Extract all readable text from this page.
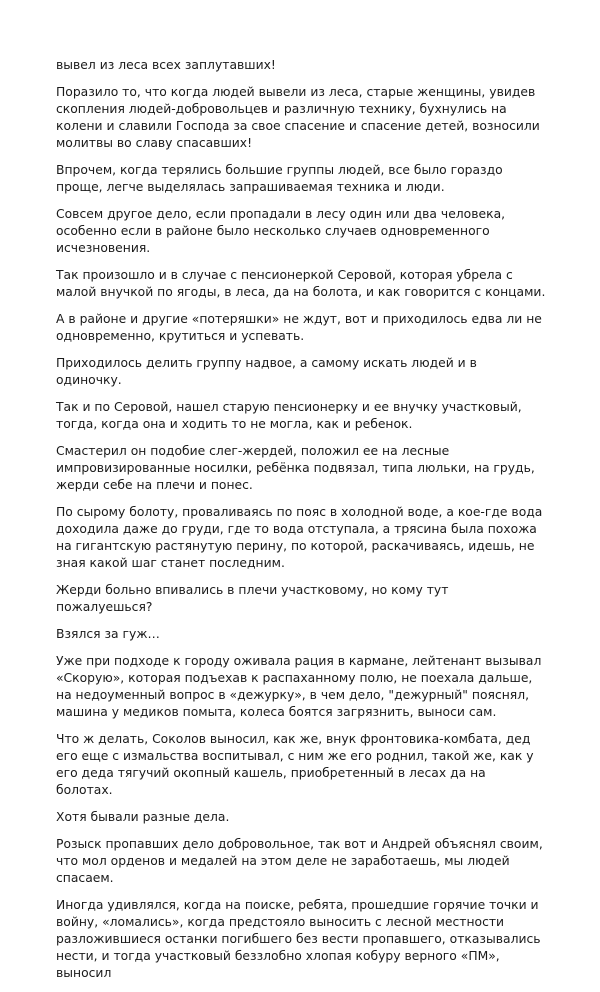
вывел из леса всех заплутавших!

Поразило то, что когда людей вывели из леса, старые женщины, увидев скопления людей-добровольцев и различную технику, бухнулись на колени и славили Господа за свое спасение и спасение детей, возносили молитвы во славу спасавших!

Впрочем, когда терялись большие группы людей, все было гораздо проще, легче выделялась запрашиваемая техника и люди.

Совсем другое дело, если пропадали в лесу один или два человека, особенно если в районе было несколько случаев одновременного исчезновения.

Так произошло и в случае с пенсионеркой Серовой, которая убрела с малой внучкой по ягоды, в леса, да на болота, и как говорится с концами.

А в районе и другие «потеряшки» не ждут, вот и приходилось едва ли не одновременно, крутиться и успевать.

Приходилось делить группу надвое, а самому искать людей и в одиночку.

Так и по Серовой, нашел старую пенсионерку и ее внучку участковый, тогда, когда она и ходить то не могла, как и ребенок.

Смастерил он подобие слег-жердей, положил ее на лесные импровизированные носилки, ребёнка подвязал, типа люльки, на грудь, жерди себе на плечи и понес.

По сырому болоту, проваливаясь по пояс в холодной воде, а кое-где вода доходила даже до груди, где то вода отступала, а трясина была похожа на гигантскую растянутую перину, по которой, раскачиваясь, идешь, не зная какой шаг станет последним.

Жерди больно впивались в плечи участковому, но кому тут пожалуешься?

Взялся за гуж…

Уже при подходе к городу оживала рация в кармане, лейтенант вызывал «Скорую», которая подъехав к распаханному полю, не поехала дальше, на недоуменный вопрос в «дежурку», в чем дело, "дежурный" пояснял, машина у медиков помыта, колеса боятся загрязнить, выноси сам.

Что ж делать, Соколов выносил, как же, внук фронтовика-комбата, дед его еще с измальства воспитывал, с ним же его роднил, такой же, как у его деда тягучий окопный кашель, приобретенный в лесах да на болотах.

Хотя бывали разные дела.

Розыск пропавших дело добровольное, так вот и Андрей объяснял своим, что мол орденов и медалей на этом деле не заработаешь, мы людей спасаем.

Иногда удивлялся, когда на поиске, ребята, прошедшие горячие точки и войну, «ломались», когда предстояло выносить с лесной местности разложившиеся останки погибшего без вести пропавшего, отказывались нести, и тогда участковый беззлобно хлопая кобуру верного «ПМ», выносил
